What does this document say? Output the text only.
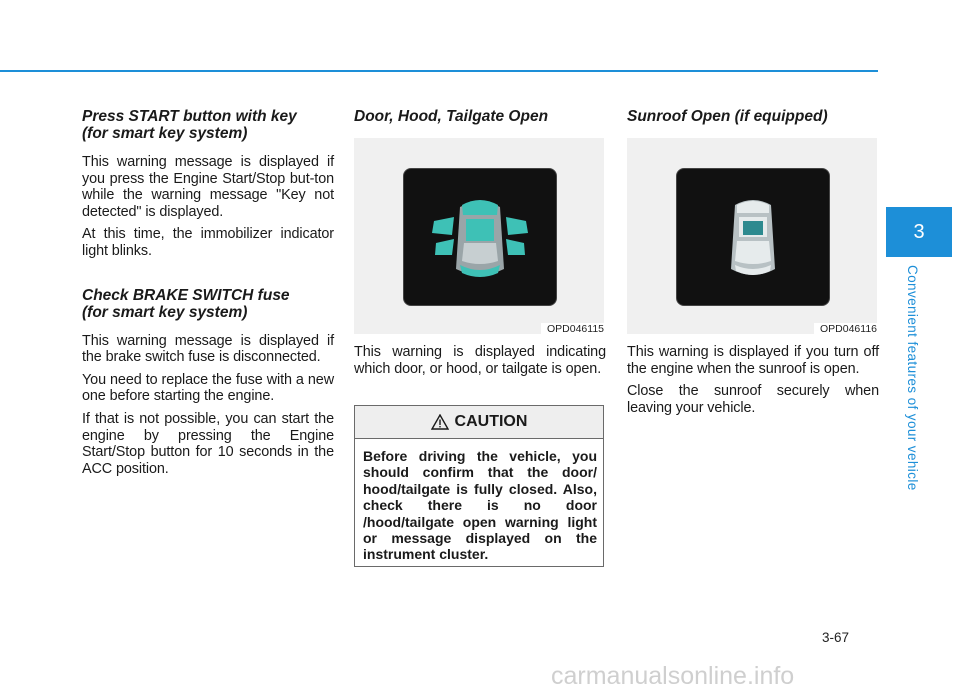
Press START button with key
(for smart key system)

This warning message is displayed if you press the Engine Start/Stop but-ton while the warning message "Key not detected" is displayed.

At this time, the immobilizer indicator light blinks.

Check BRAKE SWITCH fuse
(for smart key system)

This warning message is displayed if the brake switch fuse is disconnected.

You need to replace the fuse with a new one before starting the engine.

If that is not possible, you can start the engine by pressing the Engine Start/Stop button for 10 seconds in the ACC position.

Door, Hood, Tailgate Open
OPD046115

This warning is displayed indicating which door, or hood, or tailgate is open.

CAUTION
Before driving the vehicle, you should confirm that the door/ hood/tailgate is fully closed. Also, check there is no door /hood/tailgate open warning light or message displayed on the instrument cluster.
Sunroof Open (if equipped)
OPD046116

This warning is displayed if you turn off the engine when the sunroof is open.

Close the sunroof securely when leaving your vehicle.

3
Convenient features of your vehicle
3-67
carmanualsonline.info
